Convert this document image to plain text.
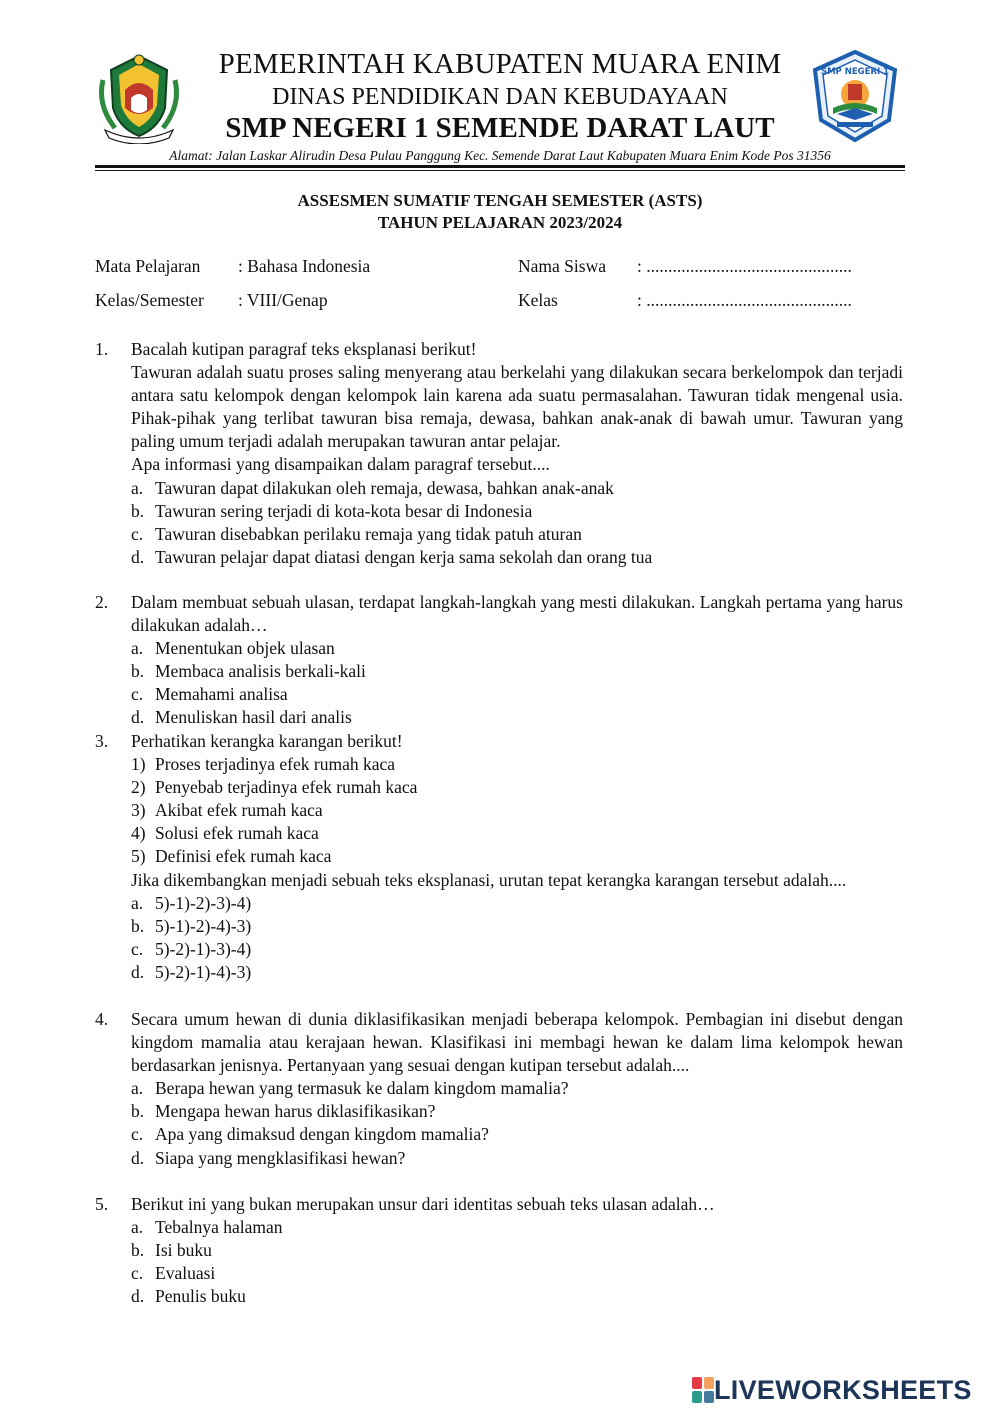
PEMERINTAH KABUPATEN MUARA ENIM
DINAS PENDIDIKAN DAN KEBUDAYAAN
SMP NEGERI 1 SEMENDE DARAT LAUT
Alamat: Jalan Laskar Alirudin Desa Pulau Panggung Kec. Semende Darat Laut Kabupaten Muara Enim Kode Pos 31356
SMP NEGERI 1
ASSESMEN SUMATIF TENGAH SEMESTER (ASTS)
TAHUN PELAJARAN 2023/2024
Mata Pelajaran : Bahasa Indonesia
Kelas/Semester : VIII/Genap
Nama Siswa : ...............................................
Kelas	: ...............................................
1. Bacalah kutipan paragraf teks eksplanasi berikut!
Tawuran adalah suatu proses saling menyerang atau berkelahi yang dilakukan secara berkelompok dan terjadi antara satu kelompok dengan kelompok lain karena ada suatu permasalahan. Tawuran tidak mengenal usia. Pihak-pihak yang terlibat tawuran bisa remaja, dewasa, bahkan anak-anak di bawah umur. Tawuran yang paling umum terjadi adalah merupakan tawuran antar pelajar.
Apa informasi yang disampaikan dalam paragraf tersebut....
a. Tawuran dapat dilakukan oleh remaja, dewasa, bahkan anak-anak
b. Tawuran sering terjadi di kota-kota besar di Indonesia
c. Tawuran disebabkan perilaku remaja yang tidak patuh aturan
d. Tawuran pelajar dapat diatasi dengan kerja sama sekolah dan orang tua
2. Dalam membuat sebuah ulasan, terdapat langkah-langkah yang mesti dilakukan. Langkah pertama yang harus dilakukan adalah…
a. Menentukan objek ulasan
b. Membaca analisis berkali-kali
c. Memahami analisa
d. Menuliskan hasil dari analis
3. Perhatikan kerangka karangan berikut!
1) Proses terjadinya efek rumah kaca
2) Penyebab terjadinya efek rumah kaca
3) Akibat efek rumah kaca
4) Solusi efek rumah kaca
5) Definisi efek rumah kaca
Jika dikembangkan menjadi sebuah teks eksplanasi, urutan tepat kerangka karangan tersebut adalah....
a. 5)-1)-2)-3)-4)
b. 5)-1)-2)-4)-3)
c. 5)-2)-1)-3)-4)
d. 5)-2)-1)-4)-3)
4. Secara umum hewan di dunia diklasifikasikan menjadi beberapa kelompok. Pembagian ini disebut dengan kingdom mamalia atau kerajaan hewan. Klasifikasi ini membagi hewan ke dalam lima kelompok hewan berdasarkan jenisnya. Pertanyaan yang sesuai dengan kutipan tersebut adalah....
a. Berapa hewan yang termasuk ke dalam kingdom mamalia?
b. Mengapa hewan harus diklasifikasikan?
c. Apa yang dimaksud dengan kingdom mamalia?
d. Siapa yang mengklasifikasi hewan?
5. Berikut ini yang bukan merupakan unsur dari identitas sebuah teks ulasan adalah…
a. Tebalnya halaman
b. Isi buku
c. Evaluasi
d. Penulis buku
LIVEWORKSHEETS
